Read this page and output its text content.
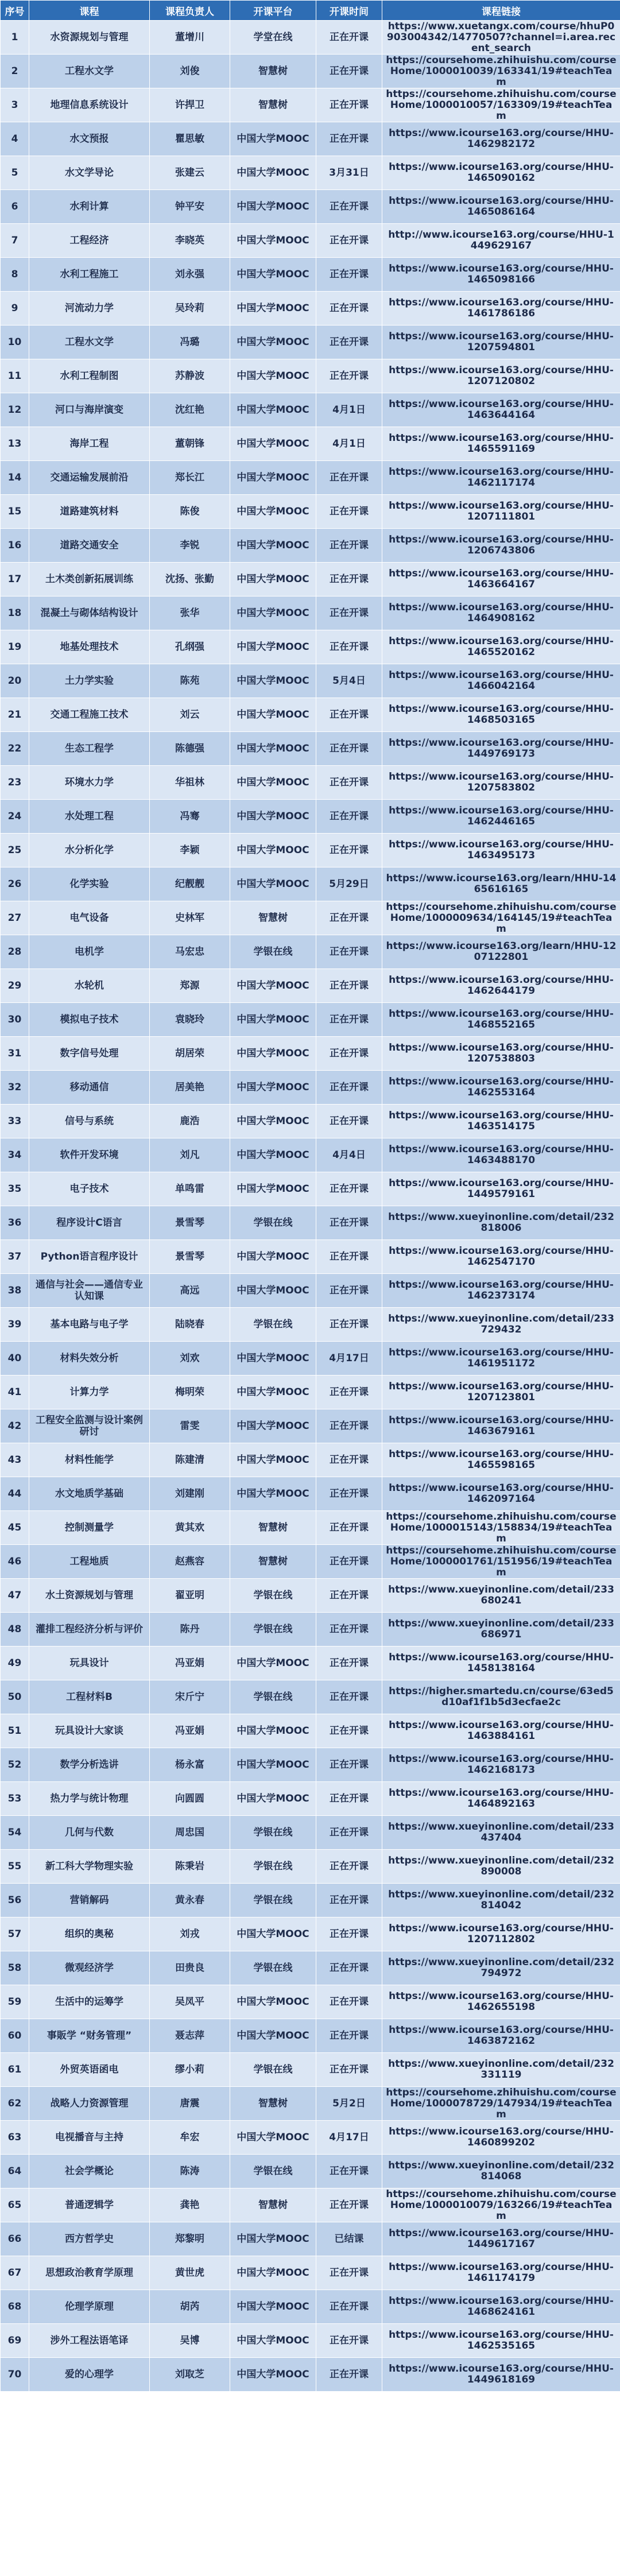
序号	课程	课程负责人	开课平台	开课时间	课程链接
1	水资源规划与管理	董增川	学堂在线	正在开课	https://www.xuetangx.com/course/hhuP0903004342/14770507?channel=i.area.recent_search
2	工程水文学	刘俊	智慧树	正在开课	https://coursehome.zhihuishu.com/courseHome/1000010039/163341/19#teachTeam
3	地理信息系统设计	许捍卫	智慧树	正在开课	https://coursehome.zhihuishu.com/courseHome/1000010057/163309/19#teachTeam
4	水文预报	瞿思敏	中国大学MOOC	正在开课	https://www.icourse163.org/course/HHU-1462982172
5	水文学导论	张建云	中国大学MOOC	3月31日	https://www.icourse163.org/course/HHU-1465090162
6	水利计算	钟平安	中国大学MOOC	正在开课	https://www.icourse163.org/course/HHU-1465086164
7	工程经济	李晓英	中国大学MOOC	正在开课	http://www.icourse163.org/course/HHU-1449629167
8	水利工程施工	刘永强	中国大学MOOC	正在开课	https://www.icourse163.org/course/HHU-1465098166
9	河流动力学	吴玲莉	中国大学MOOC	正在开课	https://www.icourse163.org/course/HHU-1461786186
10	工程水文学	冯璐	中国大学MOOC	正在开课	https://www.icourse163.org/course/HHU-1207594801
11	水利工程制图	苏静波	中国大学MOOC	正在开课	https://www.icourse163.org/course/HHU-1207120802
12	河口与海岸演变	沈红艳	中国大学MOOC	4月1日	https://www.icourse163.org/course/HHU-1463644164
13	海岸工程	董朝锋	中国大学MOOC	4月1日	https://www.icourse163.org/course/HHU-1465591169
14	交通运输发展前沿	郑长江	中国大学MOOC	正在开课	https://www.icourse163.org/course/HHU-1462117174
15	道路建筑材料	陈俊	中国大学MOOC	正在开课	https://www.icourse163.org/course/HHU-1207111801
16	道路交通安全	李锐	中国大学MOOC	正在开课	https://www.icourse163.org/course/HHU-1206743806
17	土木类创新拓展训练	沈扬、张勤	中国大学MOOC	正在开课	https://www.icourse163.org/course/HHU-1463664167
18	混凝土与砌体结构设计	张华	中国大学MOOC	正在开课	https://www.icourse163.org/course/HHU-1464908162
19	地基处理技术	孔纲强	中国大学MOOC	正在开课	https://www.icourse163.org/course/HHU-1465520162
20	土力学实验	陈苑	中国大学MOOC	5月4日	https://www.icourse163.org/course/HHU-1466042164
21	交通工程施工技术	刘云	中国大学MOOC	正在开课	https://www.icourse163.org/course/HHU-1468503165
22	生态工程学	陈德强	中国大学MOOC	正在开课	https://www.icourse163.org/course/HHU-1449769173
23	环境水力学	华祖林	中国大学MOOC	正在开课	https://www.icourse163.org/course/HHU-1207583802
24	水处理工程	冯骞	中国大学MOOC	正在开课	https://www.icourse163.org/course/HHU-1462446165
25	水分析化学	李颖	中国大学MOOC	正在开课	https://www.icourse163.org/course/HHU-1463495173
26	化学实验	纪靓靓	中国大学MOOC	5月29日	https://www.icourse163.org/learn/HHU-1465616165
27	电气设备	史林军	智慧树	正在开课	https://coursehome.zhihuishu.com/courseHome/1000009634/164145/19#teachTeam
28	电机学	马宏忠	学银在线	正在开课	https://www.icourse163.org/learn/HHU-1207122801
29	水轮机	郑源	中国大学MOOC	正在开课	https://www.icourse163.org/course/HHU-1462644179
30	模拟电子技术	袁晓玲	中国大学MOOC	正在开课	https://www.icourse163.org/course/HHU-1468552165
31	数字信号处理	胡居荣	中国大学MOOC	正在开课	https://www.icourse163.org/course/HHU-1207538803
32	移动通信	居美艳	中国大学MOOC	正在开课	https://www.icourse163.org/course/HHU-1462553164
33	信号与系统	鹿浩	中国大学MOOC	正在开课	https://www.icourse163.org/course/HHU-1463514175
34	软件开发环境	刘凡	中国大学MOOC	4月4日	https://www.icourse163.org/course/HHU-1463488170
35	电子技术	单鸣雷	中国大学MOOC	正在开课	https://www.icourse163.org/course/HHU-1449579161
36	程序设计C语言	景雪琴	学银在线	正在开课	https://www.xueyinonline.com/detail/232818006
37	Python语言程序设计	景雪琴	中国大学MOOC	正在开课	https://www.icourse163.org/course/HHU-1462547170
38	通信与社会——通信专业认知课	高远	中国大学MOOC	正在开课	https://www.icourse163.org/course/HHU-1462373174
39	基本电路与电子学	陆晓春	学银在线	正在开课	https://www.xueyinonline.com/detail/233729432
40	材料失效分析	刘欢	中国大学MOOC	4月17日	https://www.icourse163.org/course/HHU-1461951172
41	计算力学	梅明荣	中国大学MOOC	正在开课	https://www.icourse163.org/course/HHU-1207123801
42	工程安全监测与设计案例研讨	雷雯	中国大学MOOC	正在开课	https://www.icourse163.org/course/HHU-1463679161
43	材料性能学	陈建清	中国大学MOOC	正在开课	https://www.icourse163.org/course/HHU-1465598165
44	水文地质学基础	刘建刚	中国大学MOOC	正在开课	https://www.icourse163.org/course/HHU-1462097164
45	控制测量学	黄其欢	智慧树	正在开课	https://coursehome.zhihuishu.com/courseHome/1000015143/158834/19#teachTeam
46	工程地质	赵燕容	智慧树	正在开课	https://coursehome.zhihuishu.com/courseHome/1000001761/151956/19#teachTeam
47	水土资源规划与管理	翟亚明	学银在线	正在开课	https://www.xueyinonline.com/detail/233680241
48	灌排工程经济分析与评价	陈丹	学银在线	正在开课	https://www.xueyinonline.com/detail/233686971
49	玩具设计	冯亚娟	中国大学MOOC	正在开课	https://www.icourse163.org/course/HHU-1458138164
50	工程材料B	宋斤宁	学银在线	正在开课	https://higher.smartedu.cn/course/63ed5d10af1f1b5d3ecfae2c
51	玩具设计大家谈	冯亚娟	中国大学MOOC	正在开课	https://www.icourse163.org/course/HHU-1463884161
52	数学分析选讲	杨永富	中国大学MOOC	正在开课	https://www.icourse163.org/course/HHU-1462168173
53	热力学与统计物理	向圆圆	中国大学MOOC	正在开课	https://www.icourse163.org/course/HHU-1464892163
54	几何与代数	周忠国	学银在线	正在开课	https://www.xueyinonline.com/detail/233437404
55	新工科大学物理实验	陈秉岩	学银在线	正在开课	https://www.xueyinonline.com/detail/232890008
56	营销解码	黄永春	学银在线	正在开课	https://www.xueyinonline.com/detail/232814042
57	组织的奥秘	刘戎	中国大学MOOC	正在开课	https://www.icourse163.org/course/HHU-1207112802
58	微观经济学	田贵良	学银在线	正在开课	https://www.xueyinonline.com/detail/232794972
59	生活中的运筹学	吴凤平	中国大学MOOC	正在开课	https://www.icourse163.org/course/HHU-1462655198
60	事販学 “财务管理”	聂志萍	中国大学MOOC	正在开课	https://www.icourse163.org/course/HHU-1463872162
61	外贸英语函电	缪小莉	学银在线	正在开课	https://www.xueyinonline.com/detail/232331119
62	战略人力资源管理	唐震	智慧树	5月2日	https://coursehome.zhihuishu.com/courseHome/1000078729/147934/19#teachTeam
63	电视播音与主持	牟宏	中国大学MOOC	4月17日	https://www.icourse163.org/course/HHU-1460899202
64	社会学概论	陈涛	学银在线	正在开课	https://www.xueyinonline.com/detail/232814068
65	普通逻辑学	龚艳	智慧树	正在开课	https://coursehome.zhihuishu.com/courseHome/1000010079/163266/19#teachTeam
66	西方哲学史	郑黎明	中国大学MOOC	已结课	https://www.icourse163.org/course/HHU-1449617167
67	思想政治教育学原理	黄世虎	中国大学MOOC	正在开课	https://www.icourse163.org/course/HHU-1461174179
68	伦理学原理	胡芮	中国大学MOOC	正在开课	https://www.icourse163.org/course/HHU-1468624161
69	涉外工程法语笔译	吴博	中国大学MOOC	正在开课	https://www.icourse163.org/course/HHU-1462535165
70	爱的心理学	刘取芝	中国大学MOOC	正在开课	https://www.icourse163.org/course/HHU-1449618169
